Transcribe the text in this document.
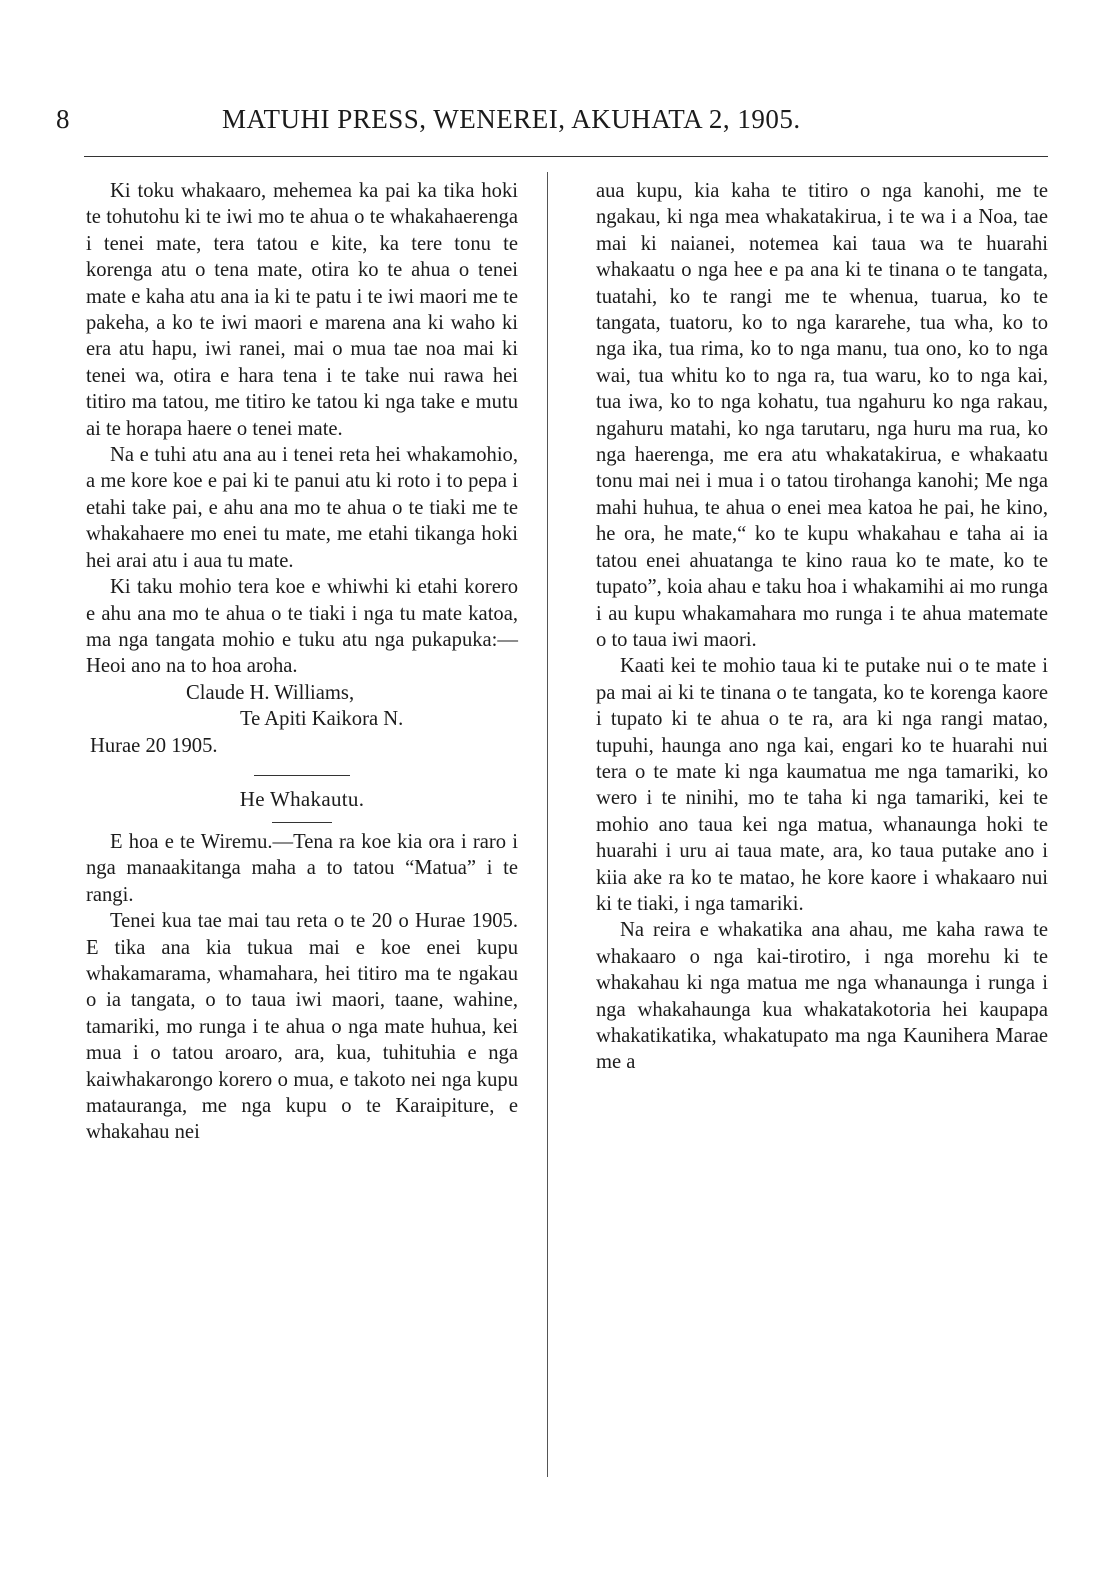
8	MATUHI PRESS, WENEREI, AKUHATA 2, 1905.

Ki toku whakaaro, mehemea ka pai ka tika hoki te tohutohu ki te iwi mo te ahua o te whakahaerenga i tenei mate, tera tatou e kite, ka tere tonu te korenga atu o tena mate, otira ko te ahua o tenei mate e kaha atu ana ia ki te patu i te iwi maori me te pakeha, a ko te iwi maori e marena ana ki waho ki era atu hapu, iwi ranei, mai o mua tae noa mai ki tenei wa, otira e hara tena i te take nui rawa hei titiro ma tatou, me titiro ke tatou ki nga take e mutu ai te horapa haere o tenei mate.

Na e tuhi atu ana au i tenei reta hei whakamohio, a me kore koe e pai ki te panui atu ki roto i to pepa i etahi take pai, e ahu ana mo te ahua o te tiaki me te whakahaere mo enei tu mate, me etahi tikanga hoki hei arai atu i aua tu mate.

Ki taku mohio tera koe e whiwhi ki etahi korero e ahu ana mo te ahua o te tiaki i nga tu mate katoa, ma nga tangata mohio e tuku atu nga pukapuka:—Heoi ano na to hoa aroha.

Claude H. Williams,
Te Apiti Kaikora N.
Hurae 20 1905.
He Whakautu.

E hoa e te Wiremu.—Tena ra koe kia ora i raro i nga manaakitanga maha a to tatou “Matua” i te rangi.

Tenei kua tae mai tau reta o te 20 o Hurae 1905. E tika ana kia tukua mai e koe enei kupu whakamarama, whamahara, hei titiro ma te ngakau o ia tangata, o to taua iwi maori, taane, wahine, tamariki, mo runga i te ahua o nga mate huhua, kei mua i o tatou aroaro, ara, kua, tuhituhia e nga kaiwhakarongo korero o mua, e takoto nei nga kupu matauranga, me nga kupu o te Karaipiture, e whakahau nei

aua kupu, kia kaha te titiro o nga kanohi, me te ngakau, ki nga mea whakatakirua, i te wa i a Noa, tae mai ki naianei, notemea kai taua wa te huarahi whakaatu o nga hee e pa ana ki te tinana o te tangata, tuatahi, ko te rangi me te whenua, tuarua, ko te tangata, tuatoru, ko to nga kararehe, tua wha, ko to nga ika, tua rima, ko to nga manu, tua ono, ko to nga wai, tua whitu ko to nga ra, tua waru, ko to nga kai, tua iwa, ko to nga kohatu, tua ngahuru ko nga rakau, ngahuru matahi, ko nga tarutaru, nga huru ma rua, ko nga haerenga, me era atu whakatakirua, e whakaatu tonu mai nei i mua i o tatou tirohanga kanohi; Me nga mahi huhua, te ahua o enei mea katoa he pai, he kino, he ora, he mate,“ ko te kupu whakahau e taha ai ia tatou enei ahuatanga te kino raua ko te mate, ko te tupato”, koia ahau e taku hoa i whakamihi ai mo runga i au kupu whakamahara mo runga i te ahua matemate o to taua iwi maori.

Kaati kei te mohio taua ki te putake nui o te mate i pa mai ai ki te tinana o te tangata, ko te korenga kaore i tupato ki te ahua o te ra, ara ki nga rangi matao, tupuhi, haunga ano nga kai, engari ko te huarahi nui tera o te mate ki nga kaumatua me nga tamariki, ko wero i te ninihi, mo te taha ki nga tamariki, kei te mohio ano taua kei nga matua, whanaunga hoki te huarahi i uru ai taua mate, ara, ko taua putake ano i kiia ake ra ko te matao, he kore kaore i whakaaro nui ki te tiaki, i nga tamariki.

Na reira e whakatika ana ahau, me kaha rawa te whakaaro o nga kai-tirotiro, i nga morehu ki te whakahau ki nga matua me nga whanaunga i runga i nga whakahaunga kua whakatakotoria hei kaupapa whakatikatika, whakatupato ma nga Kaunihera Marae me a
